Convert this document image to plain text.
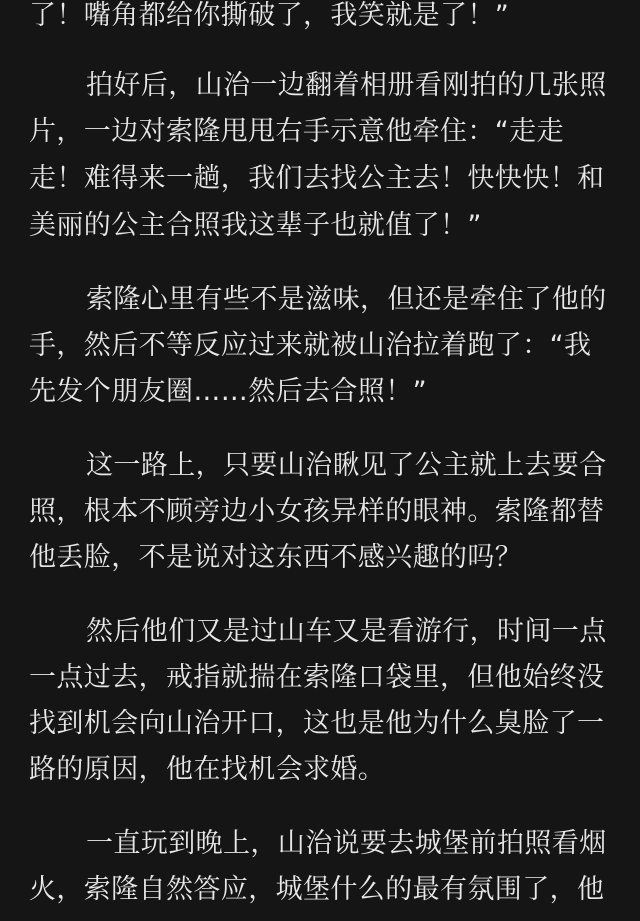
了！嘴角都给你撕破了，我笑就是了！”
拍好后，山治一边翻着相册看刚拍的几张照
片，一边对索隆甩甩右手示意他牵住：“走走
走！难得来一趟，我们去找公主去！快快快！和
美丽的公主合照我这辈子也就值了！”
索隆心里有些不是滋味，但还是牵住了他的
手，然后不等反应过来就被山治拉着跑了：“我
先发个朋友圈……然后去合照！”
这一路上，只要山治瞅见了公主就上去要合
照，根本不顾旁边小女孩异样的眼神。索隆都替
他丢脸，不是说对这东西不感兴趣的吗？
然后他们又是过山车又是看游行，时间一点
一点过去，戒指就揣在索隆口袋里，但他始终没
找到机会向山治开口，这也是他为什么臭脸了一
路的原因，他在找机会求婚。
一直玩到晚上，山治说要去城堡前拍照看烟
火，索隆自然答应，城堡什么的最有氛围了，他
